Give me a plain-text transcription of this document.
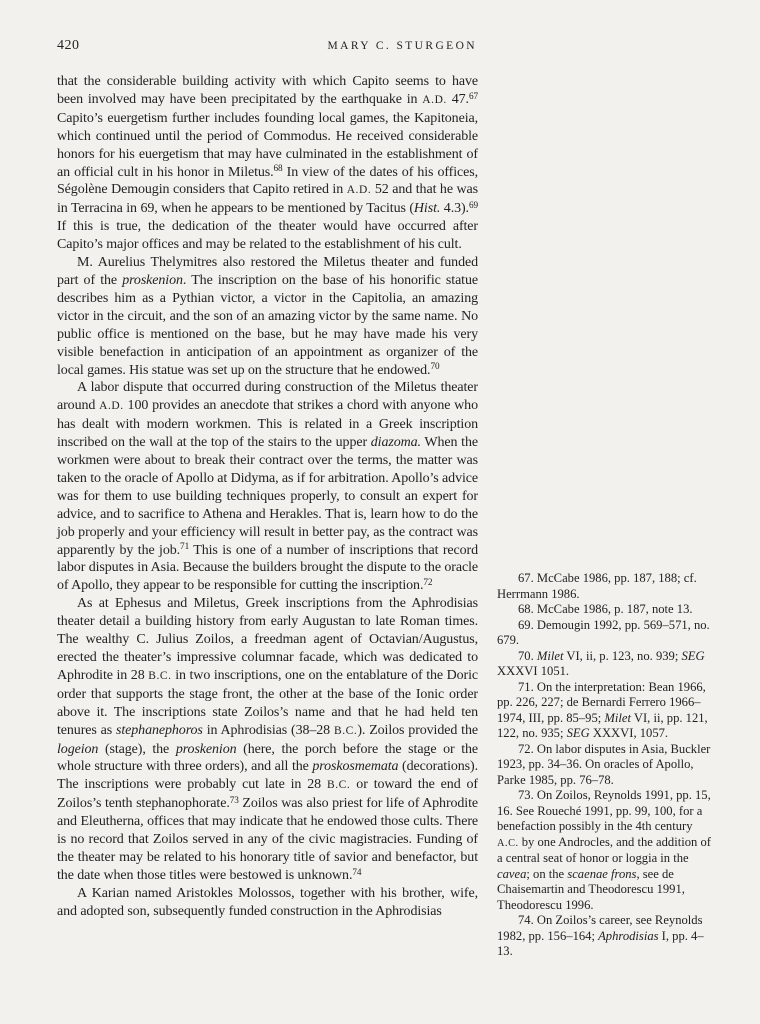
420	MARY C. STURGEON

that the considerable building activity with which Capito seems to have been involved may have been precipitated by the earthquake in A.D. 47.67 Capito’s euergetism further includes founding local games, the Kapitoneia, which continued until the period of Commodus. He received considerable honors for his euergetism that may have culminated in the establishment of an official cult in his honor in Miletus.$^{68}$ In view of the dates of his offices, Ségolène Demougin considers that Capito retired in A.D. 52 and that he was in Terracina in 69, when he appears to be mentioned by Tacitus (Hist. 4.3).$^{69}$ If this is true, the dedication of the theater would have occurred after Capito’s major offices and may be related to the establishment of his cult.

M. Aurelius Thelymitres also restored the Miletus theater and funded part of the proskenion. The inscription on the base of his honorific statue describes him as a Pythian victor, a victor in the Capitolia, an amazing victor in the circuit, and the son of an amazing victor by the same name. No public office is mentioned on the base, but he may have made his very visible benefaction in anticipation of an appointment as organizer of the local games. His statue was set up on the structure that he endowed.$^{70}$

A labor dispute that occurred during construction of the Miletus theater around A.D. 100 provides an anecdote that strikes a chord with anyone who has dealt with modern workmen. This is related in a Greek inscription inscribed on the wall at the top of the stairs to the upper diazoma. When the workmen were about to break their contract over the terms, the matter was taken to the oracle of Apollo at Didyma, as if for arbitration. Apollo’s advice was for them to use building techniques properly, to consult an expert for advice, and to sacrifice to Athena and Herakles. That is, learn how to do the job properly and your efficiency will result in better pay, as the contract was apparently by the job.$^{71}$ This is one of a number of inscriptions that record labor disputes in Asia. Because the builders brought the dispute to the oracle of Apollo, they appear to be responsible for cutting the inscription.$^{72}$

As at Ephesus and Miletus, Greek inscriptions from the Aphrodisias theater detail a building history from early Augustan to late Roman times. The wealthy C. Julius Zoilos, a freedman agent of Octavian/Augustus, erected the theater’s impressive columnar facade, which was dedicated to Aphrodite in 28 B.C. in two inscriptions, one on the entablature of the Doric order that supports the stage front, the other at the base of the Ionic order above it. The inscriptions state Zoilos’s name and that he had held ten tenures as stephanephoros in Aphrodisias (38–28 B.C.). Zoilos provided the logeion (stage), the proskenion (here, the porch before the stage or the whole structure with three orders), and all the proskosmemata (decorations). The inscriptions were probably cut late in 28 B.C. or toward the end of Zoilos’s tenth stephanophorate.$^{73}$ Zoilos was also priest for life of Aphrodite and Eleutherna, offices that may indicate that he endowed those cults. There is no record that Zoilos served in any of the civic magistracies. Funding of the theater may be related to his honorary title of savior and benefactor, but the date when those titles were bestowed is unknown.$^{74}$

A Karian named Aristokles Molossos, together with his brother, wife, and adopted son, subsequently funded construction in the Aphrodisias

67. McCabe 1986, pp. 187, 188; cf. Herrmann 1986.

68. McCabe 1986, p. 187, note 13.

69. Demougin 1992, pp. 569–571, no. 679.

70. Milet VI, ii, p. 123, no. 939; SEG XXXVI 1051.

71. On the interpretation: Bean 1966, pp. 226, 227; de Bernardi Ferrero 1966–1974, III, pp. 85–95; Milet VI, ii, pp. 121, 122, no. 935; SEG XXXVI, 1057.

72. On labor disputes in Asia, Buckler 1923, pp. 34–36. On oracles of Apollo, Parke 1985, pp. 76–78.

73. On Zoilos, Reynolds 1991, pp. 15, 16. See Roueché 1991, pp. 99, 100, for a benefaction possibly in the 4th century A.C. by one Androcles, and the addition of a central seat of honor or loggia in the cavea; on the scaenae frons, see de Chaisemartin and Theodorescu 1991, Theodorescu 1996.

74. On Zoilos’s career, see Reynolds 1982, pp. 156–164; Aphrodisias I, pp. 4–13.
